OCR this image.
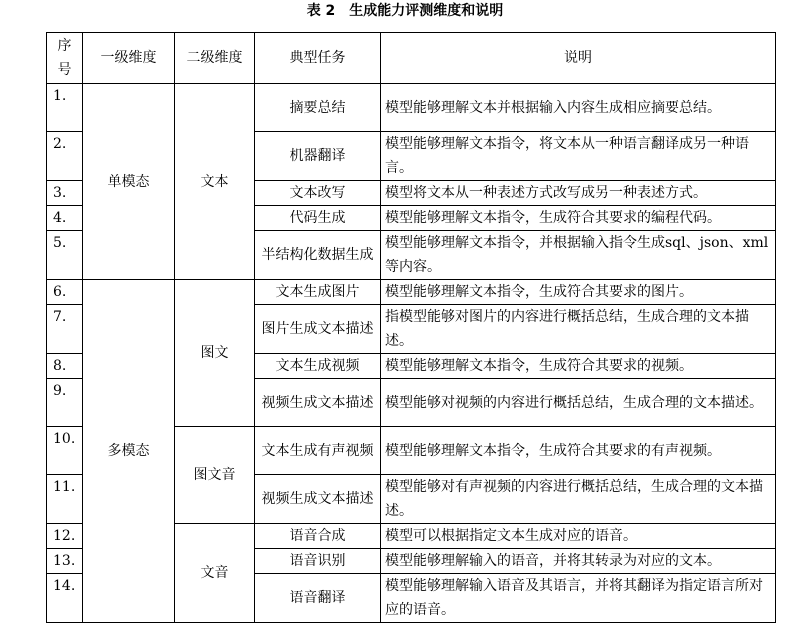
表 2　生成能力评测维度和说明
序号	一级维度	二级维度	典型任务	说明
1.	单模态	文本	摘要总结	模型能够理解文本并根据输入内容生成相应摘要总结。
2.			机器翻译	模型能够理解文本指令，将文本从一种语言翻译成另一种语言。
3.			文本改写	模型将文本从一种表述方式改写成另一种表述方式。
4.			代码生成	模型能够理解文本指令，生成符合其要求的编程代码。
5.			半结构化数据生成	模型能够理解文本指令，并根据输入指令生成sql、json、xml等内容。
6.	多模态	图文	文本生成图片	模型能够理解文本指令，生成符合其要求的图片。
7.			图片生成文本描述	指模型能够对图片的内容进行概括总结，生成合理的文本描述。
8.			文本生成视频	模型能够理解文本指令，生成符合其要求的视频。
9.			视频生成文本描述	模型能够对视频的内容进行概括总结，生成合理的文本描述。
10.		图文音	文本生成有声视频	模型能够理解文本指令，生成符合其要求的有声视频。
11.			视频生成文本描述	模型能够对有声视频的内容进行概括总结，生成合理的文本描述。
12.		文音	语音合成	模型可以根据指定文本生成对应的语音。
13.			语音识别	模型能够理解输入的语音，并将其转录为对应的文本。
14.			语音翻译	模型能够理解输入语音及其语言，并将其翻译为指定语言所对应的语音。
